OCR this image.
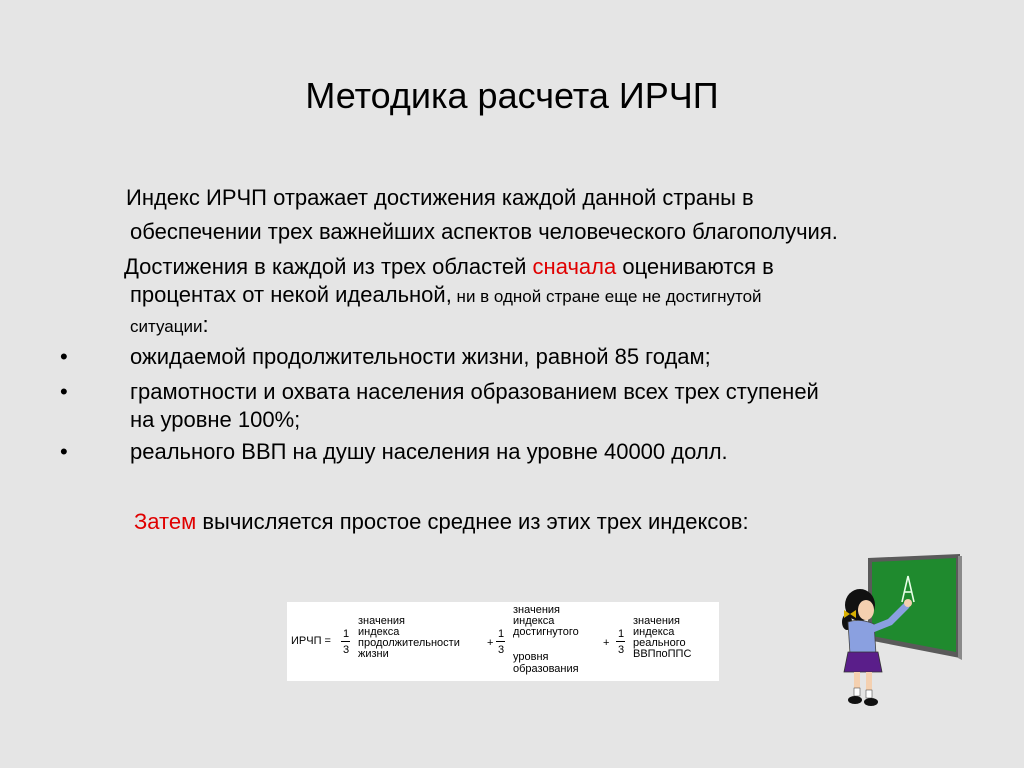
Методика расчета ИРЧП
Индекс ИРЧП отражает достижения каждой данной страны в
обеспечении трех важнейших аспектов человеческого благополучия.
Достижения в каждой из трех областей сначала оцениваются в
процентах от некой идеальной, ни в одной стране еще не достигнутой
ситуации:
•	ожидаемой продолжительности жизни, равной 85 годам;
•	грамотности и охвата населения образованием всех трех ступеней
на уровне 100%;
•	реального ВВП на душу населения на уровне 40000 долл.
Затем вычисляется простое среднее из этих трех индексов:
ИРЧП =
1
3
значения
индекса
продолжительности
жизни
+
1
3
значения
индекса
достигнутого
уровня
образования
+
1
3
значения
индекса
реального
ВВПпоППС
